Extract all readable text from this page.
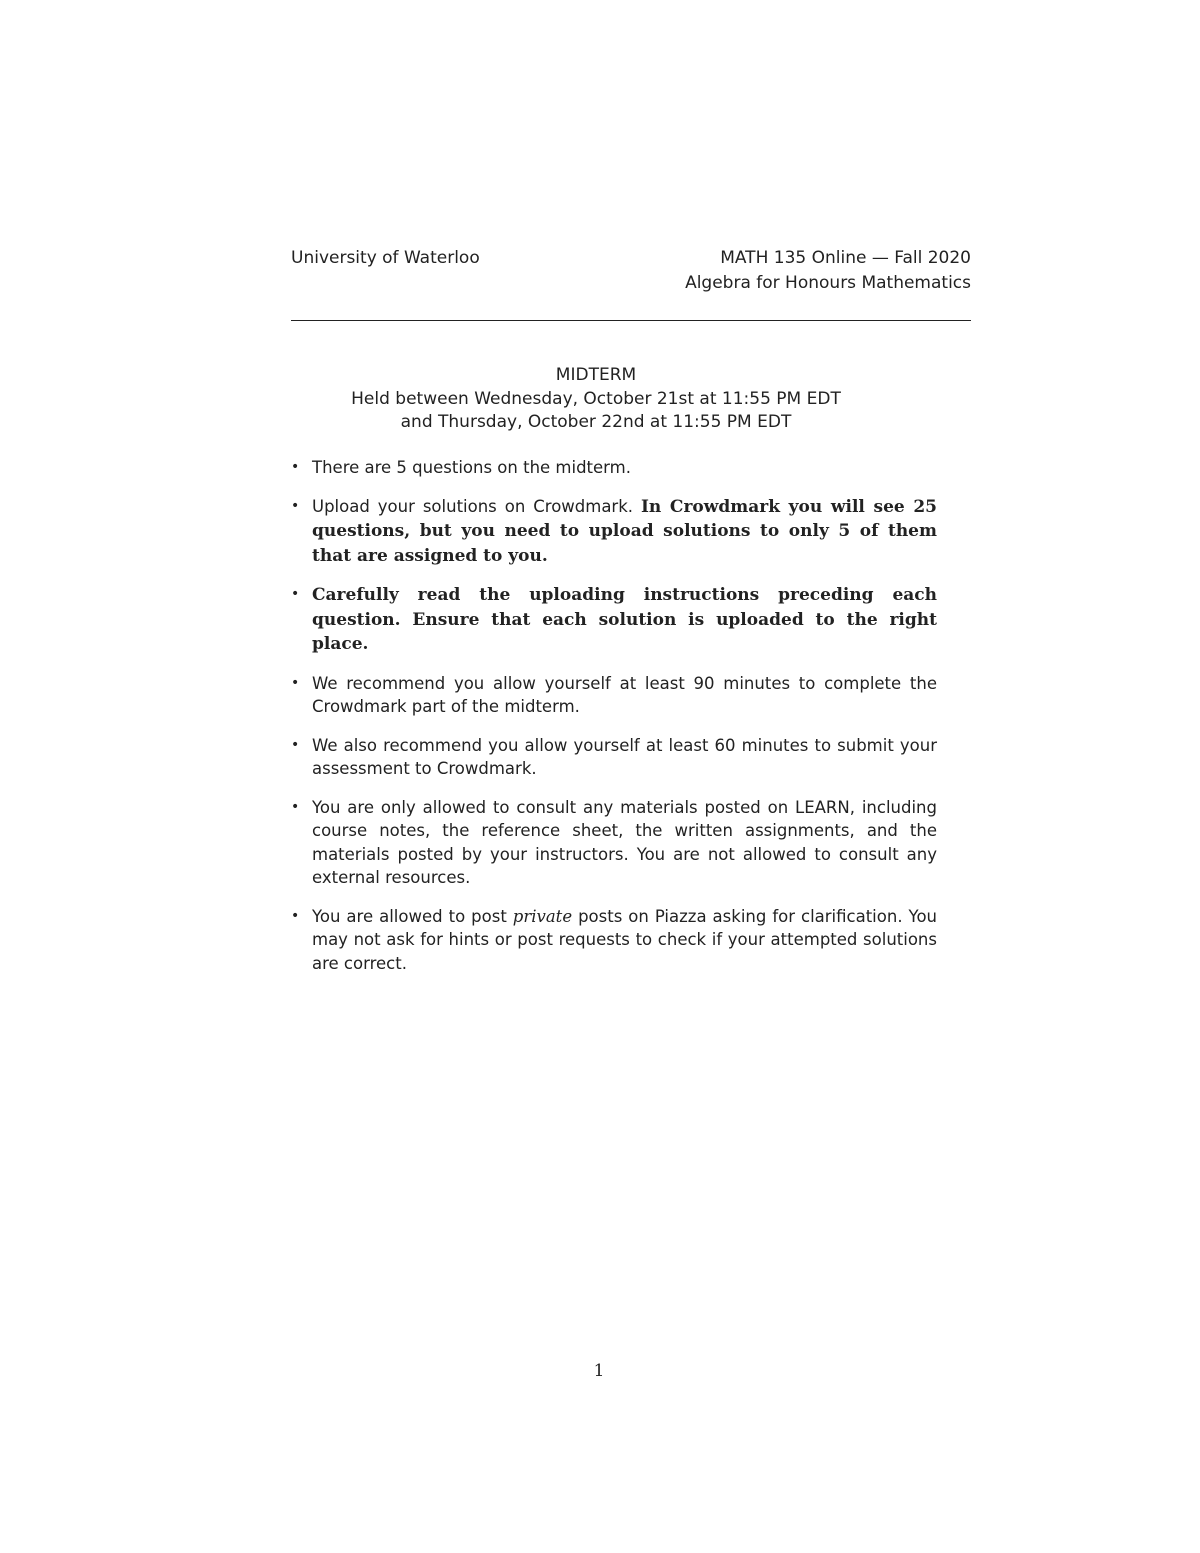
University of Waterloo	MATH 135 Online — Fall 2020
Algebra for Honours Mathematics
MIDTERM
Held between Wednesday, October 21st at 11:55 PM EDT
and Thursday, October 22nd at 11:55 PM EDT
• There are 5 questions on the midterm.
• Upload your solutions on Crowdmark. In Crowdmark you will see 25 questions, but you need to upload solutions to only 5 of them that are assigned to you.
• Carefully read the uploading instructions preceding each question. Ensure that each solution is uploaded to the right place.
• We recommend you allow yourself at least 90 minutes to complete the Crowdmark part of the midterm.
• We also recommend you allow yourself at least 60 minutes to submit your assessment to Crowdmark.
• You are only allowed to consult any materials posted on LEARN, including course notes, the reference sheet, the written assignments, and the materials posted by your instructors. You are not allowed to consult any external resources.
• You are allowed to post private posts on Piazza asking for clarification. You may not ask for hints or post requests to check if your attempted solutions are correct.
1
